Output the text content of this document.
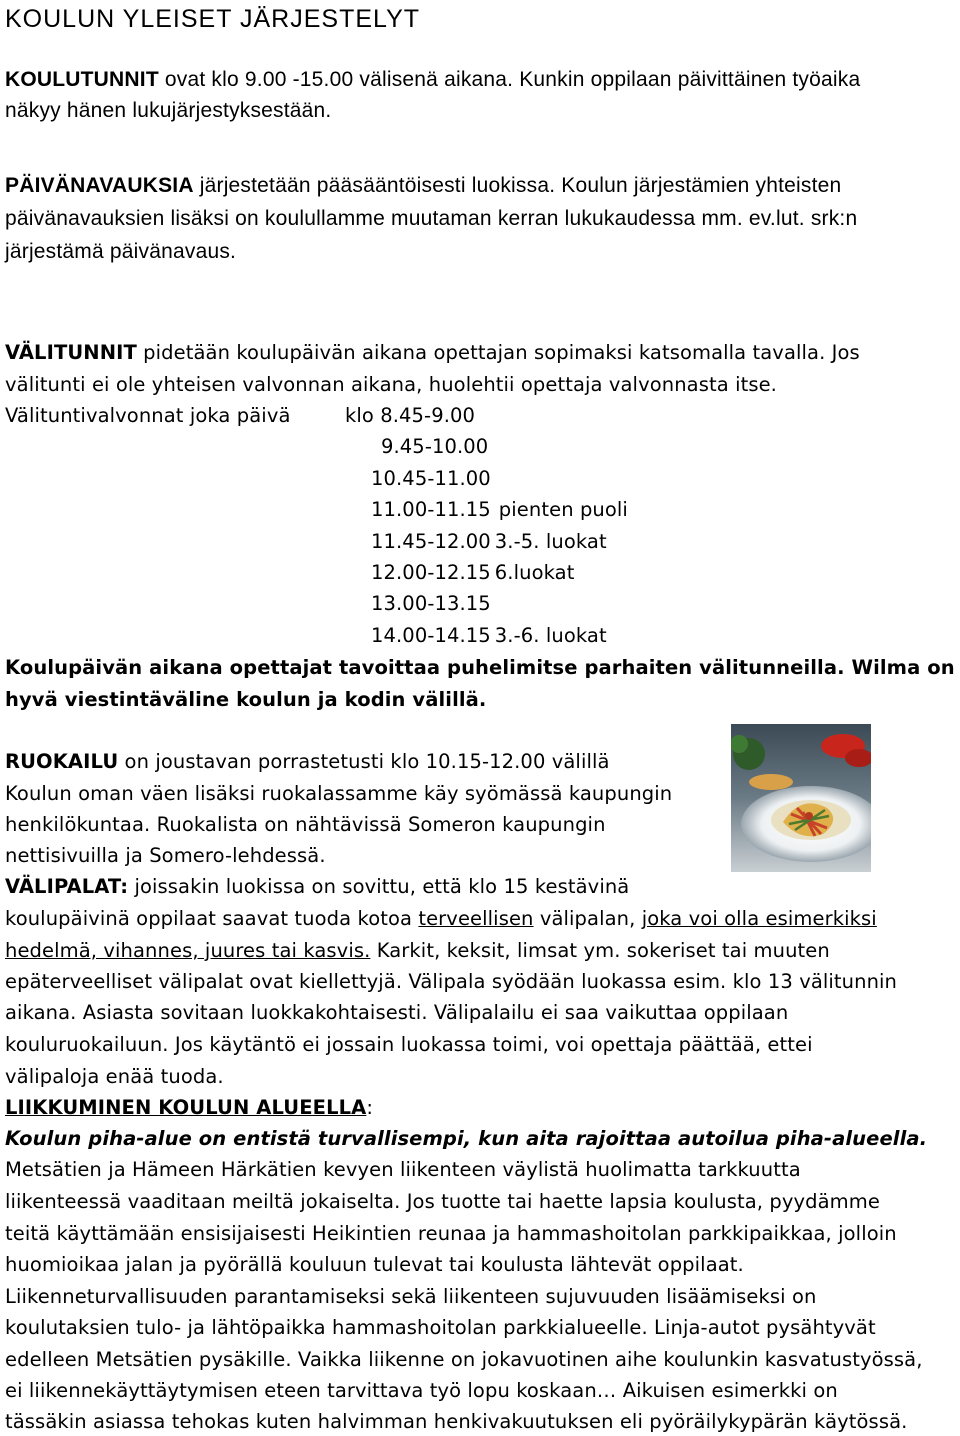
KOULUN YLEISET JÄRJESTELYT
KOULUTUNNIT ovat klo 9.00 -15.00 välisenä aikana. Kunkin oppilaan päivittäinen työaika
näkyy hänen lukujärjestyksestään.
PÄIVÄNAVAUKSIA järjestetään pääsääntöisesti luokissa. Koulun järjestämien yhteisten
päivänavauksien lisäksi on koulullamme muutaman kerran lukukaudessa mm. ev.lut. srk:n
järjestämä päivänavaus.
VÄLITUNNIT pidetään koulupäivän aikana opettajan sopimaksi katsomalla tavalla. Jos
välitunti ei ole yhteisen valvonnan aikana, huolehtii opettaja valvonnasta itse.
Välituntivalvonnat joka päivä	klo 8.45-9.00
9.45-10.00
10.45-11.00
11.00-11.15 pienten puoli
11.45-12.00 3.-5. luokat
12.00-12.15 6.luokat
13.00-13.15
14.00-14.15 3.-6. luokat
Koulupäivän aikana opettajat tavoittaa puhelimitse parhaiten välitunneilla. Wilma on
hyvä viestintäväline koulun ja kodin välillä.
RUOKAILU on joustavan porrastetusti klo 10.15-12.00 välillä
Koulun oman väen lisäksi ruokalassamme käy syömässä kaupungin
henkilökuntaa. Ruokalista on nähtävissä Someron kaupungin
nettisivuilla ja Somero-lehdessä.
VÄLIPALAT: joissakin luokissa on sovittu, että klo 15 kestävinä
koulupäivinä oppilaat saavat tuoda kotoa terveellisen välipalan, joka voi olla esimerkiksi
hedelmä, vihannes, juures tai kasvis. Karkit, keksit, limsat ym. sokeriset tai muuten
epäterveelliset välipalat ovat kiellettyjä. Välipala syödään luokassa esim. klo 13 välitunnin
aikana. Asiasta sovitaan luokkakohtaisesti. Välipalailu ei saa vaikuttaa oppilaan
kouluruokailuun. Jos käytäntö ei jossain luokassa toimi, voi opettaja päättää, ettei
välipaloja enää tuoda.
LIIKKUMINEN KOULUN ALUEELLA:
Koulun piha-alue on entistä turvallisempi, kun aita rajoittaa autoilua piha-alueella.
Metsätien ja Hämeen Härkätien kevyen liikenteen väylistä huolimatta tarkkuutta
liikenteessä vaaditaan meiltä jokaiselta. Jos tuotte tai haette lapsia koulusta, pyydämme
teitä käyttämään ensisijaisesti Heikintien reunaa ja hammashoitolan parkkipaikkaa, jolloin
huomioikaa jalan ja pyörällä kouluun tulevat tai koulusta lähtevät oppilaat.
Liikenneturvallisuuden parantamiseksi sekä liikenteen sujuvuuden lisäämiseksi on
koulutaksien tulo- ja lähtöpaikka hammashoitolan parkkialueelle. Linja-autot pysähtyvät
edelleen Metsätien pysäkille. Vaikka liikenne on jokavuotinen aihe koulunkin kasvatustyössä,
ei liikennekäyttäytymisen eteen tarvittava työ lopu koskaan… Aikuisen esimerkki on
tässäkin asiassa tehokas kuten halvimman henkivakuutuksen eli pyöräilykypärän käytössä.
